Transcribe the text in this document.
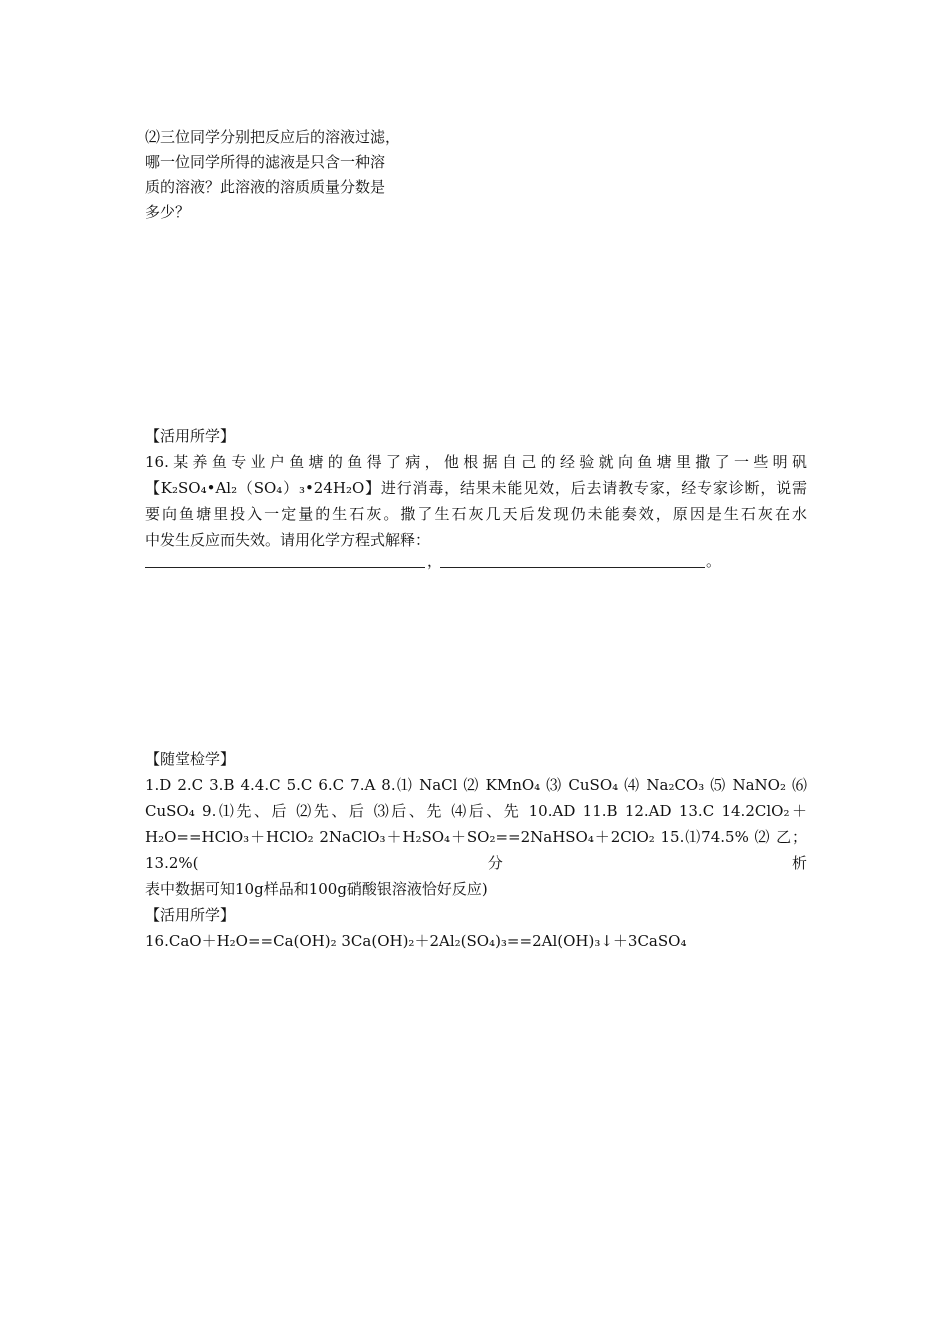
⑵三位同学分别把反应后的溶液过滤，
哪一位同学所得的滤液是只含一种溶
质的溶液？此溶液的溶质质量分数是
多少？
【活用所学】
16.某养鱼专业户鱼塘的鱼得了病，他根据自己的经验就向鱼塘里撒了一些明矾
【K₂SO₄•Al₂（SO₄）₃•24H₂O】进行消毒，结果未能见效，后去请教专家，经专家诊断，说需
要向鱼塘里投入一定量的生石灰。撒了生石灰几天后发现仍未能奏效，原因是生石灰在水
中发生反应而失效。请用化学方程式解释：
，	。
【随堂检学】
1.D 2.C 3.B 4.4.C 5.C 6.C 7.A 8.⑴ NaCl ⑵ KMnO₄ ⑶ CuSO₄ ⑷ Na₂CO₃ ⑸ NaNO₂ ⑹
CuSO₄ 9.⑴先、后 ⑵先、后 ⑶后、先 ⑷后、先 10.AD 11.B 12.AD 13.C 14.2ClO₂＋
H₂O==HClO₃＋HClO₂ 2NaClO₃＋H₂SO₄＋SO₂==2NaHSO₄＋2ClO₂ 15.⑴74.5% ⑵ 乙；13.2%(分析
表中数据可知10g样品和100g硝酸银溶液恰好反应)
【活用所学】
16.CaO＋H₂O==Ca(OH)₂ 3Ca(OH)₂＋2Al₂(SO₄)₃==2Al(OH)₃↓＋3CaSO₄
